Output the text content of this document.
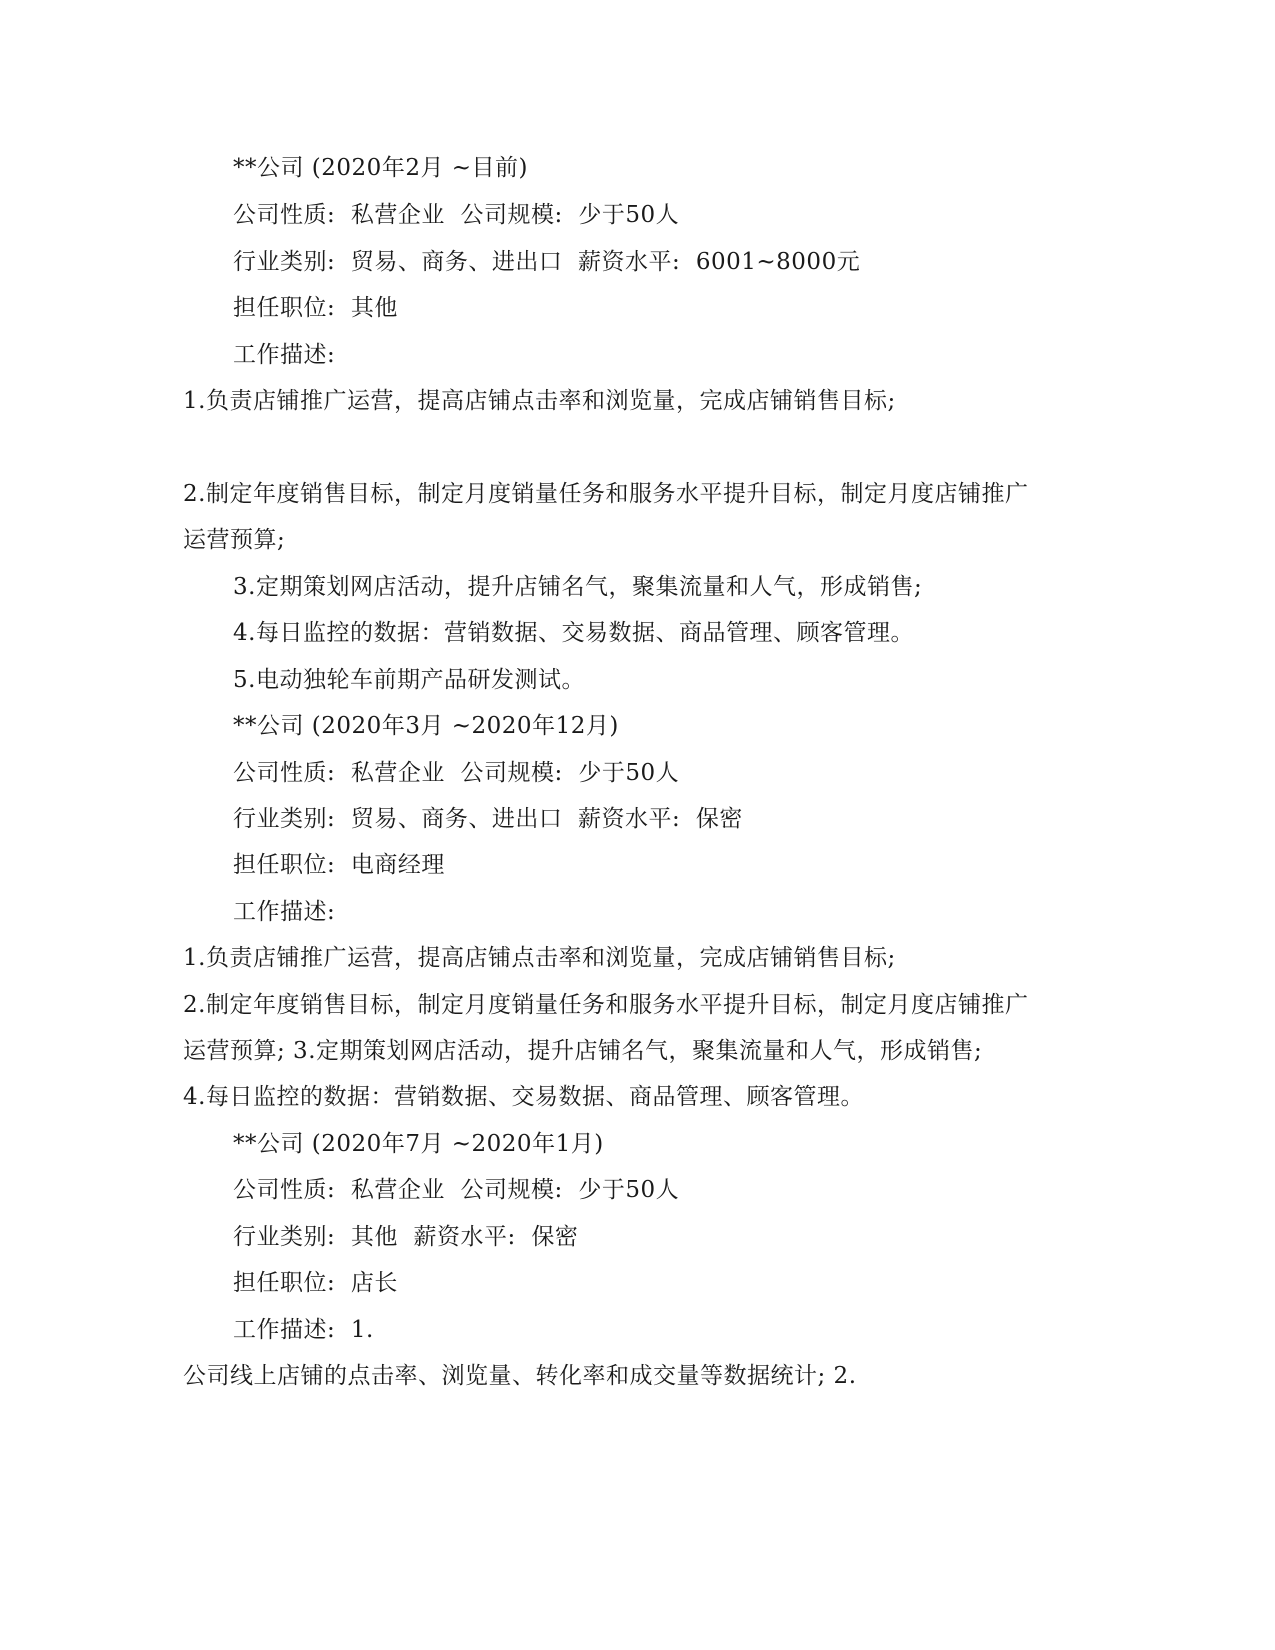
**公司 (2020年2月 ~目前)
公司性质:  私营企业  公司规模:  少于50人
行业类别:  贸易、商务、进出口  薪资水平:  6001~8000元
担任职位:  其他
工作描述:
1.负责店铺推广运营，提高店铺点击率和浏览量，完成店铺销售目标;
2.制定年度销售目标，制定月度销量任务和服务水平提升目标，制定月度店铺推广
运营预算;
3.定期策划网店活动，提升店铺名气，聚集流量和人气，形成销售;
4.每日监控的数据：营销数据、交易数据、商品管理、顾客管理。
5.电动独轮车前期产品研发测试。
**公司 (2020年3月 ~2020年12月)
公司性质:  私营企业  公司规模:  少于50人
行业类别:  贸易、商务、进出口  薪资水平:  保密
担任职位:  电商经理
工作描述:
1.负责店铺推广运营，提高店铺点击率和浏览量，完成店铺销售目标;
2.制定年度销售目标，制定月度销量任务和服务水平提升目标，制定月度店铺推广
运营预算; 3.定期策划网店活动，提升店铺名气，聚集流量和人气，形成销售;
4.每日监控的数据：营销数据、交易数据、商品管理、顾客管理。
**公司 (2020年7月 ~2020年1月)
公司性质:  私营企业  公司规模:  少于50人
行业类别:  其他  薪资水平:  保密
担任职位:  店长
工作描述:  1.
公司线上店铺的点击率、浏览量、转化率和成交量等数据统计; 2.
